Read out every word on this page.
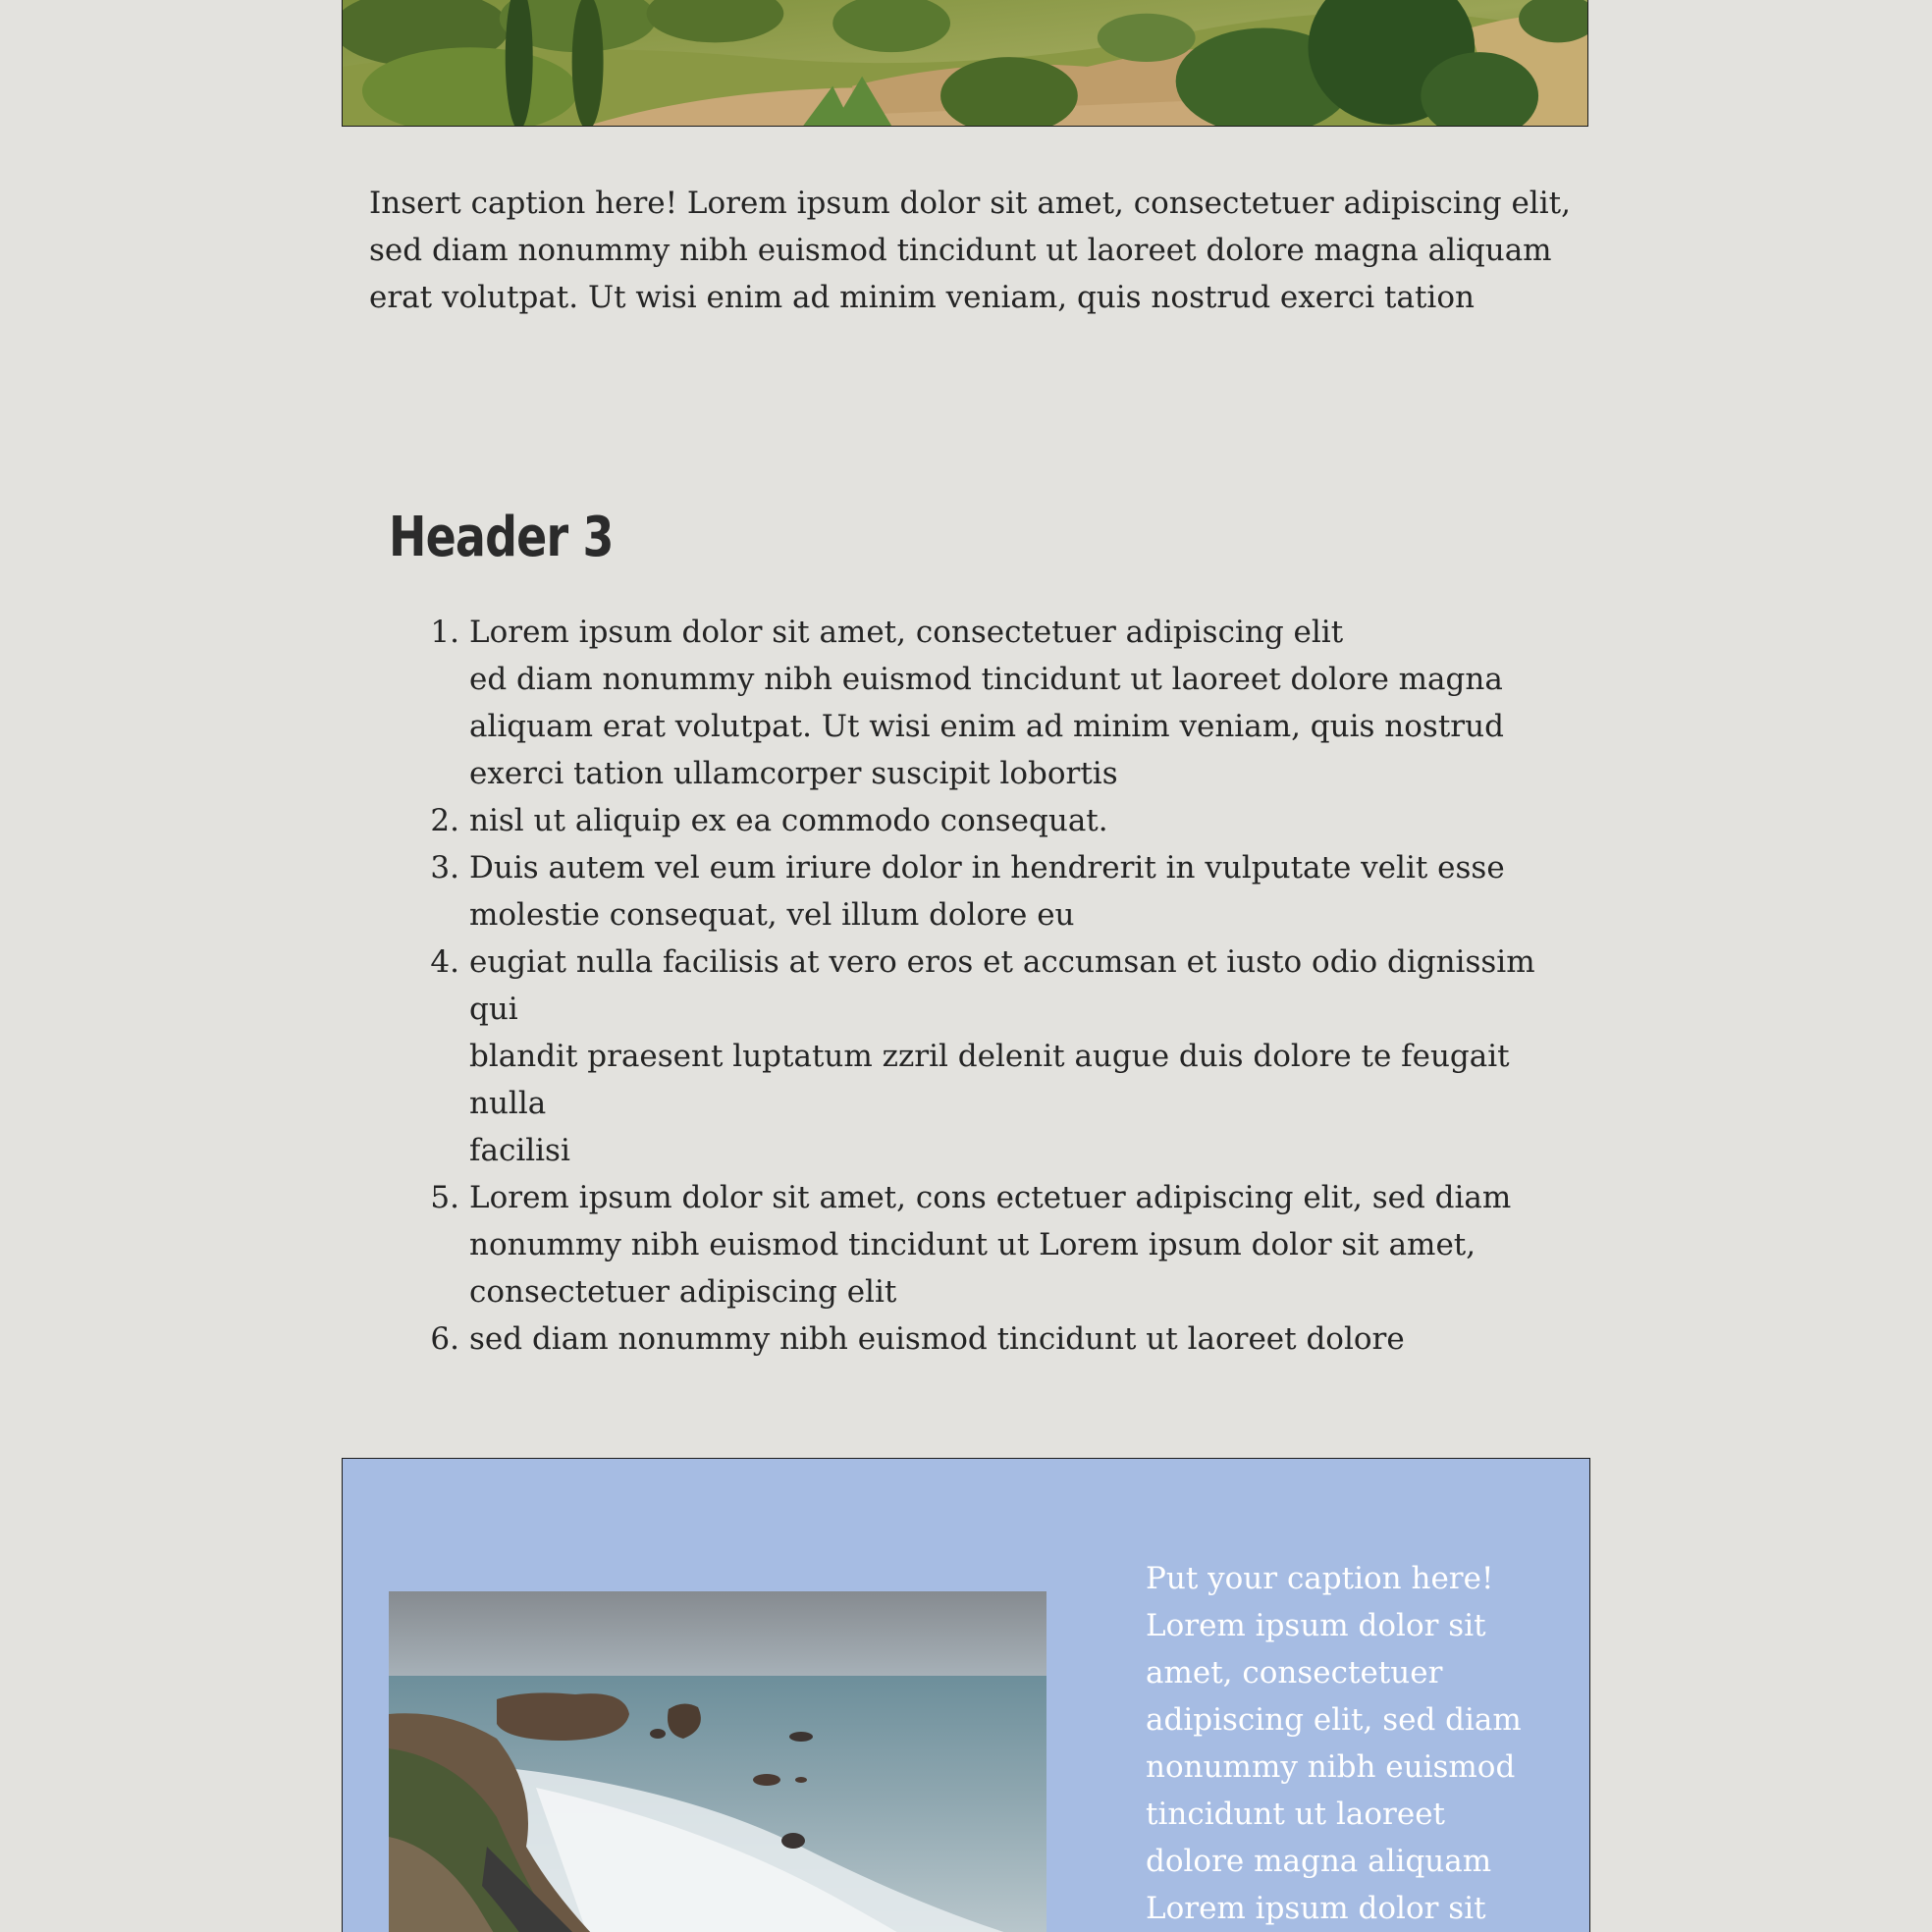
Insert caption here! Lorem ipsum dolor sit amet, consectetuer adipiscing elit, sed diam nonummy nibh euismod tincidunt ut laoreet dolore magna aliquam erat volutpat. Ut wisi enim ad minim veniam, quis nostrud exerci tation

Header 3
1. Lorem ipsum dolor sit amet, consectetuer adipiscing elit
ed diam nonummy nibh euismod tincidunt ut laoreet dolore magna
aliquam erat volutpat. Ut wisi enim ad minim veniam, quis nostrud
exerci tation ullamcorper suscipit lobortis
2. nisl ut aliquip ex ea commodo consequat.
3. Duis autem vel eum iriure dolor in hendrerit in vulputate velit esse
molestie consequat, vel illum dolore eu
4. eugiat nulla facilisis at vero eros et accumsan et iusto odio dignissim qui
blandit praesent luptatum zzril delenit augue duis dolore te feugait nulla
facilisi
5. Lorem ipsum dolor sit amet, cons ectetuer adipiscing elit, sed diam
nonummy nibh euismod tincidunt ut Lorem ipsum dolor sit amet,
consectetuer adipiscing elit
6. sed diam nonummy nibh euismod tincidunt ut laoreet dolore

Put your caption here!
Lorem ipsum dolor sit
amet, consectetuer
adipiscing elit, sed diam
nonummy nibh euismod
tincidunt ut laoreet
dolore magna aliquam
Lorem ipsum dolor sit
